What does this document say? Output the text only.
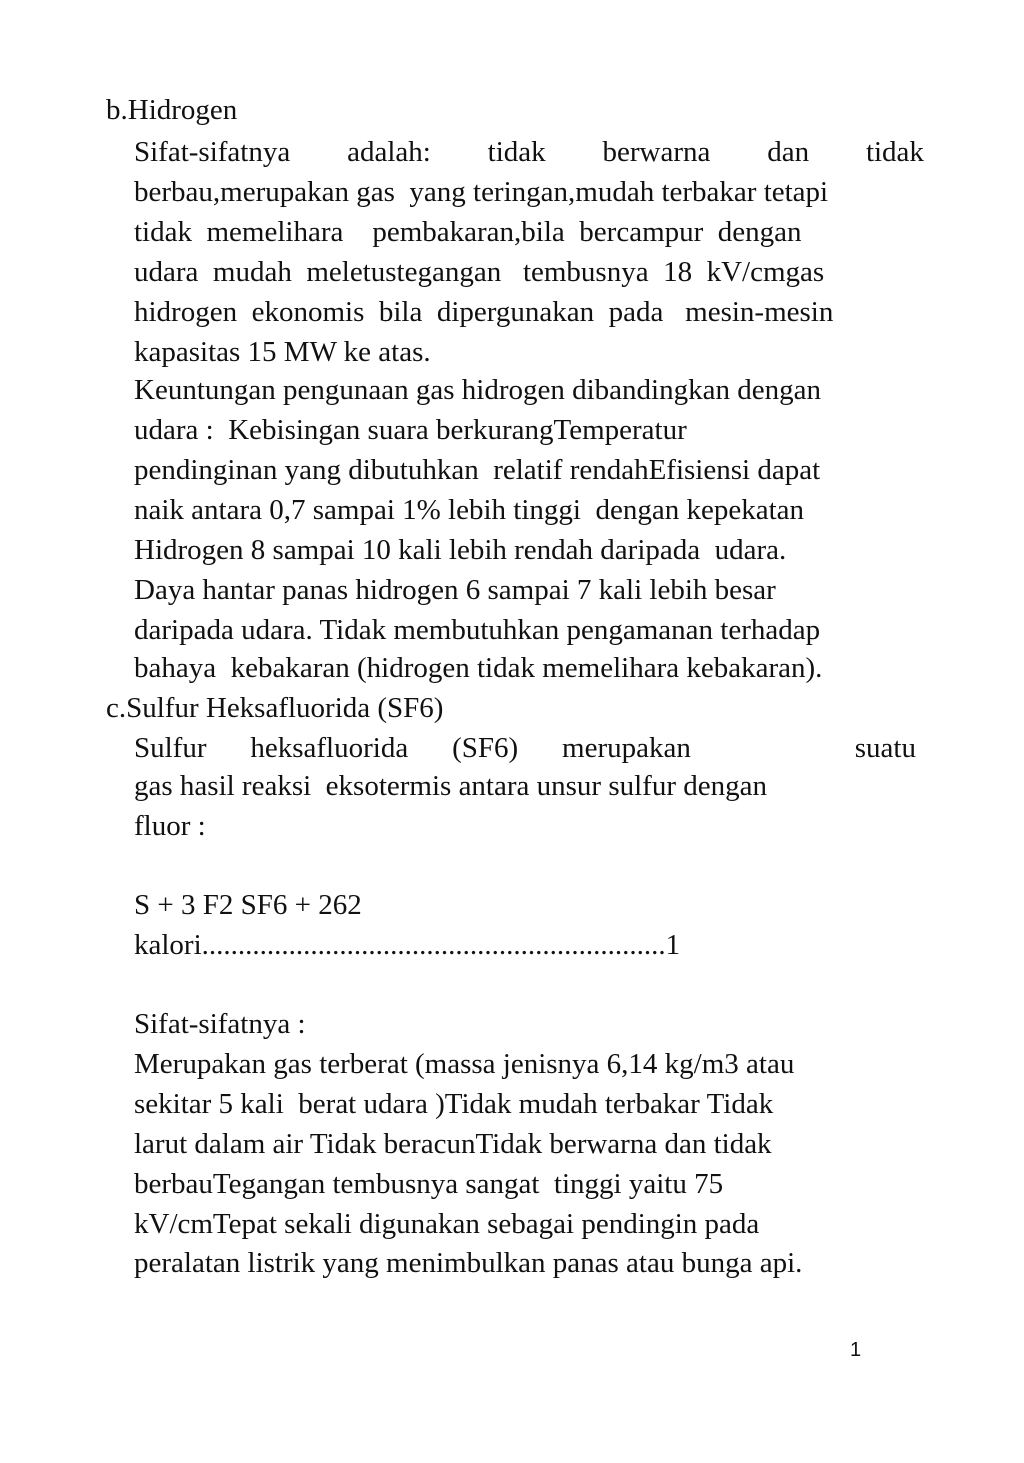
b.Hidrogen
Sifat-sifatnya adalah: tidak berwarna dan tidak
berbau,merupakan gas  yang teringan,mudah terbakar tetapi
tidak  memelihara    pembakaran,bila  bercampur  dengan
udara  mudah  meletustegangan   tembusnya  18  kV/cmgas
hidrogen  ekonomis  bila  dipergunakan  pada   mesin-mesin
kapasitas 15 MW ke atas.
Keuntungan pengunaan gas hidrogen dibandingkan dengan
udara :  Kebisingan suara berkurangTemperatur
pendinginan yang dibutuhkan  relatif rendahEfisiensi dapat
naik antara 0,7 sampai 1% lebih tinggi  dengan kepekatan
Hidrogen 8 sampai 10 kali lebih rendah daripada  udara.
Daya hantar panas hidrogen 6 sampai 7 kali lebih besar
daripada udara. Tidak membutuhkan pengamanan terhadap
bahaya  kebakaran (hidrogen tidak memelihara kebakaran).
c.Sulfur Heksafluorida (SF6)
Sulfur heksafluorida (SF6) merupakan	suatu
gas hasil reaksi  eksotermis antara unsur sulfur dengan
fluor :
S + 3 F2 SF6 + 262
kalori................................................................1
Sifat-sifatnya :
Merupakan gas terberat (massa jenisnya 6,14 kg/m3 atau
sekitar 5 kali  berat udara )Tidak mudah terbakar Tidak
larut dalam air Tidak beracunTidak berwarna dan tidak
berbauTegangan tembusnya sangat  tinggi yaitu 75
kV/cmTepat sekali digunakan sebagai pendingin pada
peralatan listrik yang menimbulkan panas atau bunga api.
1
